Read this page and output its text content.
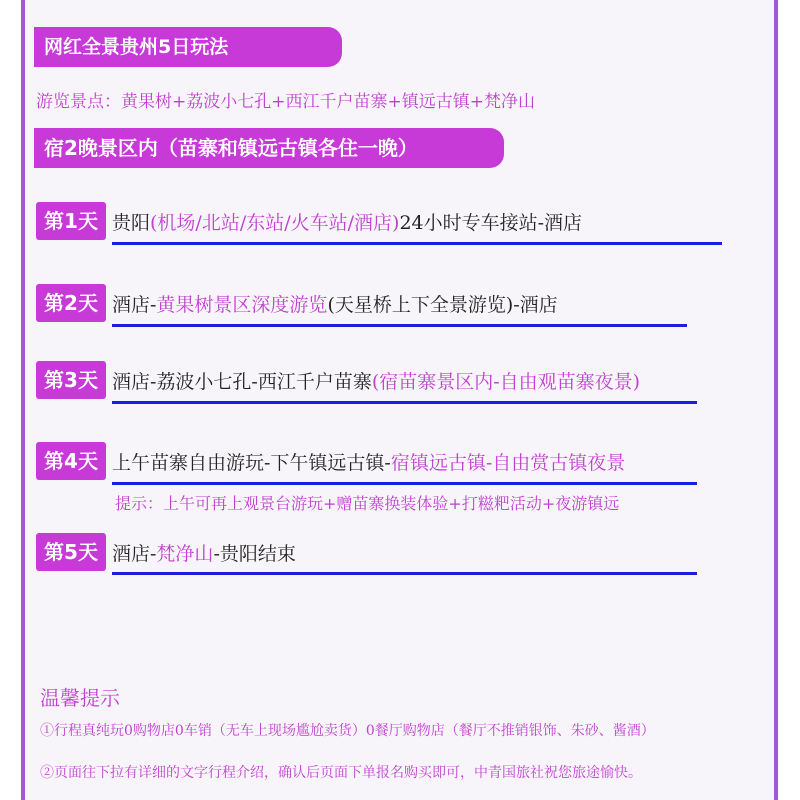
网红全景贵州5日玩法
游览景点：黄果树+荔波小七孔+西江千户苗寨+镇远古镇+梵净山
宿2晚景区内（苗寨和镇远古镇各住一晚）
第1天 贵阳(机场/北站/东站/火车站/酒店)24小时专车接站-酒店
第2天 酒店-黄果树景区深度游览(天星桥上下全景游览)-酒店
第3天 酒店-荔波小七孔-西江千户苗寨(宿苗寨景区内-自由观苗寨夜景)
第4天 上午苗寨自由游玩-下午镇远古镇-宿镇远古镇-自由赏古镇夜景
提示：上午可再上观景台游玩+赠苗寨换装体验+打糍粑活动+夜游镇远
第5天 酒店-梵净山-贵阳结束
温馨提示
①行程真纯玩0购物店0车销（无车上现场尴尬卖货）0餐厅购物店（餐厅不推销银饰、朱砂、酱酒）
②页面往下拉有详细的文字行程介绍，确认后页面下单报名购买即可，中青国旅社祝您旅途愉快。
